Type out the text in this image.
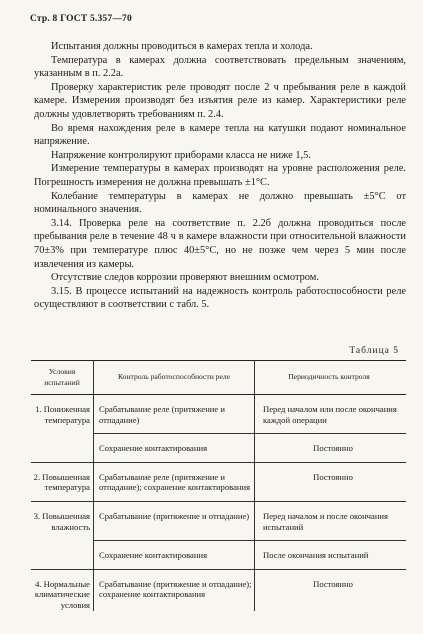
Стр. 8 ГОСТ 5.357—70

Испытания должны проводиться в камерах тепла и холода.

Температура в камерах должна соответствовать предельным значениям, указанным в п. 2.2а.

Проверку характеристик реле проводят после 2 ч пребывания реле в каждой камере. Измерения производят без изъятия реле из камер. Характеристики реле должны удовлетворять требованиям п. 2.4.

Во время нахождения реле в камере тепла на катушки подают номинальное напряжение.

Напряжение контролируют приборами класса не ниже 1,5.

Измерение температуры в камерах производят на уровне расположения реле. Погрешность измерения не должна превышать ±1°С.

Колебание температуры в камерах не должно превышать ±5°С от номинального значения.

3.14. Проверка реле на соответствие п. 2.2б должна проводиться после пребывания реле в течение 48 ч в камере влажности при относительной влажности 70±3% при температуре плюс 40±5°С, но не позже чем через 5 мин после извлечения из камеры.

Отсутствие следов коррозии проверяют внешним осмотром.

3.15. В процессе испытаний на надежность контроль работоспособности реле осуществляют в соответствии с табл. 5.

Таблица 5
Условия испытаний	Контроль работоспособности реле	Периодичность контроля
1. Пониженная температура	Срабатывание реле (притяжение и отпадание)	Перед началом или после окончания каждой операции
	Сохранение контактирования	Постоянно
2. Повышенная температура	Срабатывание реле (притяжение и отпадание); сохранение контактирования	Постоянно
3. Повышенная влажность	Срабатывание (притяжение и отпадание)	Перед началом и после окончания испытаний
	Сохранение контактирования	После окончания испытаний
4. Нормальные климатические условия	Срабатывание (притяжение и отпадание); сохранение контактирования	Постоянно
